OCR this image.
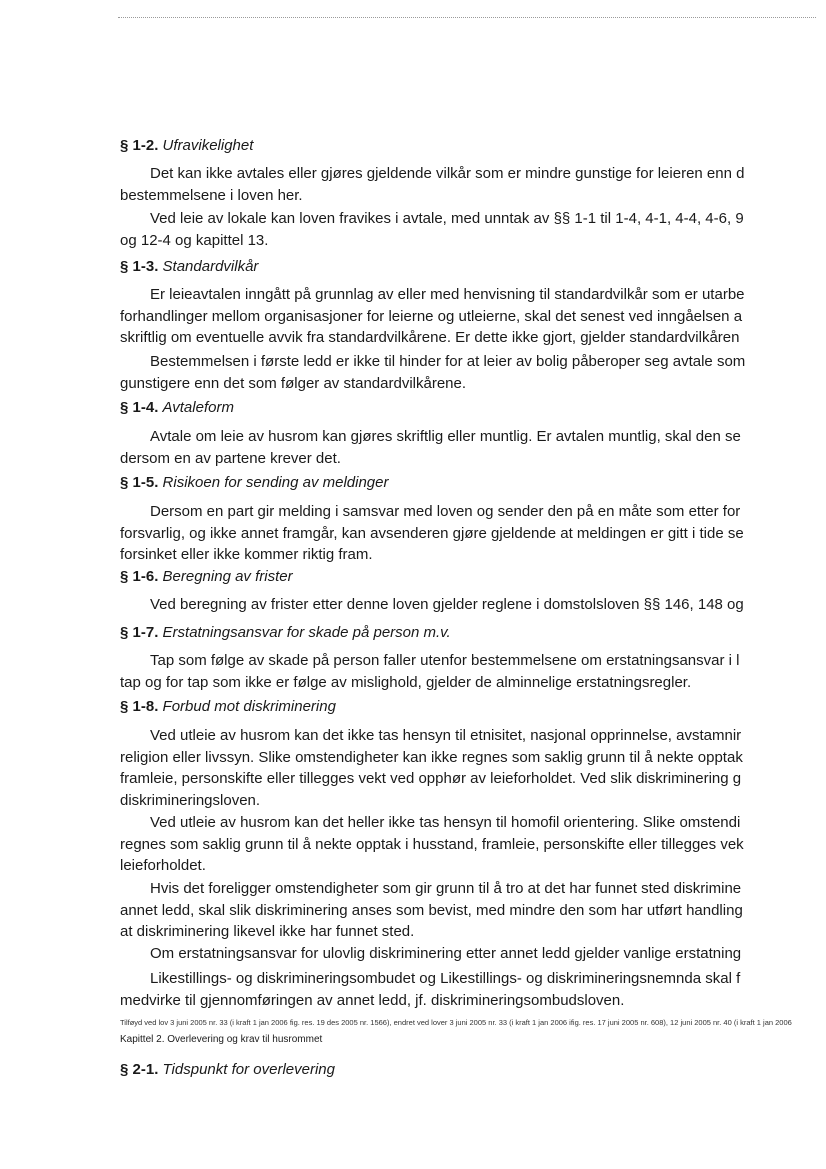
§ 1-2. Ufravikelighet

§ 1-3. Standardvilkår

§ 1-4. Avtaleform

§ 1-5. Risikoen for sending av meldinger

§ 1-6. Beregning av frister

§ 1-7. Erstatningsansvar for skade på person m.v.

§ 1-8. Forbud mot diskriminering

§ 2-1. Tidspunkt for overlevering

Det kan ikke avtales eller gjøres gjeldende vilkår som er mindre gunstige for leieren enn d
bestemmelsene i loven her.

Ved leie av lokale kan loven fravikes i avtale, med unntak av §§ 1-1 til 1-4, 4-1, 4-4, 4-6, 9
og 12-4 og kapittel 13.

Er leieavtalen inngått på grunnlag av eller med henvisning til standardvilkår som er utarbe
forhandlinger mellom organisasjoner for leierne og utleierne, skal det senest ved inngåelsen a
skriftlig om eventuelle avvik fra standardvilkårene. Er dette ikke gjort, gjelder standardvilkåren

Bestemmelsen i første ledd er ikke til hinder for at leier av bolig påberoper seg avtale som
gunstigere enn det som følger av standardvilkårene.

Avtale om leie av husrom kan gjøres skriftlig eller muntlig. Er avtalen muntlig, skal den se
dersom en av partene krever det.

Dersom en part gir melding i samsvar med loven og sender den på en måte som etter for
forsvarlig, og ikke annet framgår, kan avsenderen gjøre gjeldende at meldingen er gitt i tide se
forsinket eller ikke kommer riktig fram.

Ved beregning av frister etter denne loven gjelder reglene i domstolsloven §§ 146, 148 og

Tap som følge av skade på person faller utenfor bestemmelsene om erstatningsansvar i l
tap og for tap som ikke er følge av mislighold, gjelder de alminnelige erstatningsregler.

Ved utleie av husrom kan det ikke tas hensyn til etnisitet, nasjonal opprinnelse, avstamnir
religion eller livssyn. Slike omstendigheter kan ikke regnes som saklig grunn til å nekte opptak
framleie, personskifte eller tillegges vekt ved opphør av leieforholdet. Ved slik diskriminering g
diskrimineringsloven.

Ved utleie av husrom kan det heller ikke tas hensyn til homofil orientering. Slike omstendi
regnes som saklig grunn til å nekte opptak i husstand, framleie, personskifte eller tillegges vek
leieforholdet.

Hvis det foreligger omstendigheter som gir grunn til å tro at det har funnet sted diskrimine
annet ledd, skal slik diskriminering anses som bevist, med mindre den som har utført handling
at diskriminering likevel ikke har funnet sted.

Om erstatningsansvar for ulovlig diskriminering etter annet ledd gjelder vanlige erstatning

Likestillings- og diskrimineringsombudet og Likestillings- og diskrimineringsnemnda skal f
medvirke til gjennomføringen av annet ledd, jf. diskrimineringsombudsloven.

Tilføyd ved lov 3 juni 2005 nr. 33 (i kraft 1 jan 2006 fig. res. 19 des 2005 nr. 1566), endret ved lover 3 juni 2005 nr. 33 (i kraft 1 jan 2006 ifig. res. 17 juni 2005 nr. 608), 12 juni 2005 nr. 40 (i kraft 1 jan 2006

Kapittel 2. Overlevering og krav til husrommet
